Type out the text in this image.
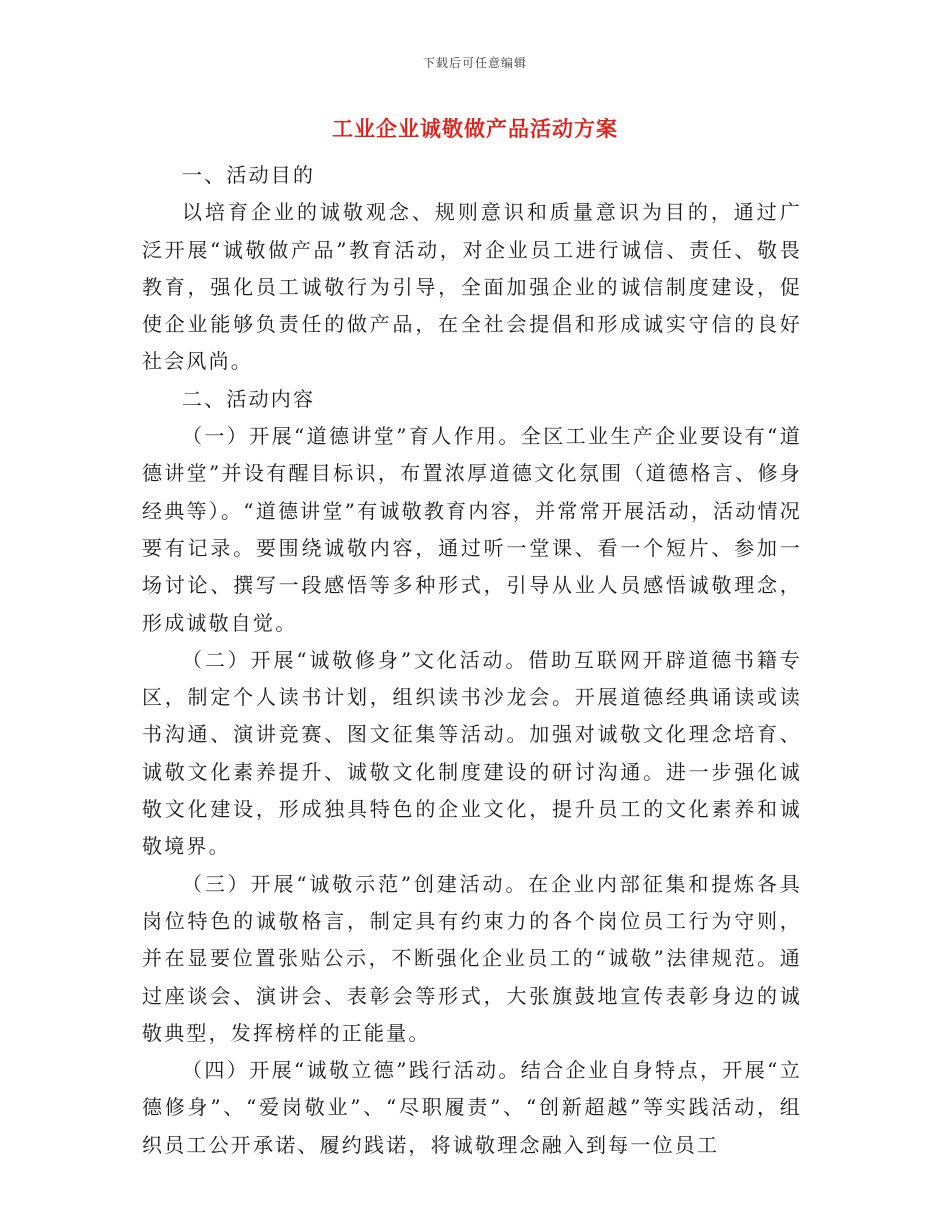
下载后可任意编辑
工业企业诚敬做产品活动方案

一、活动目的

以培育企业的诚敬观念、规则意识和质量意识为目的，通过广泛开展“诚敬做产品”教育活动，对企业员工进行诚信、责任、敬畏教育，强化员工诚敬行为引导，全面加强企业的诚信制度建设，促使企业能够负责任的做产品，在全社会提倡和形成诚实守信的良好社会风尚。

二、活动内容

（一）开展“道德讲堂”育人作用。全区工业生产企业要设有“道德讲堂”并设有醒目标识，布置浓厚道德文化氛围（道德格言、修身经典等）。“道德讲堂”有诚敬教育内容，并常常开展活动，活动情况要有记录。要围绕诚敬内容，通过听一堂课、看一个短片、参加一场讨论、撰写一段感悟等多种形式，引导从业人员感悟诚敬理念，形成诚敬自觉。

（二）开展“诚敬修身”文化活动。借助互联网开辟道德书籍专区，制定个人读书计划，组织读书沙龙会。开展道德经典诵读或读书沟通、演讲竞赛、图文征集等活动。加强对诚敬文化理念培育、诚敬文化素养提升、诚敬文化制度建设的研讨沟通。进一步强化诚敬文化建设，形成独具特色的企业文化，提升员工的文化素养和诚敬境界。

（三）开展“诚敬示范”创建活动。在企业内部征集和提炼各具岗位特色的诚敬格言，制定具有约束力的各个岗位员工行为守则，并在显要位置张贴公示，不断强化企业员工的“诚敬”法律规范。通过座谈会、演讲会、表彰会等形式，大张旗鼓地宣传表彰身边的诚敬典型，发挥榜样的正能量。

（四）开展“诚敬立德”践行活动。结合企业自身特点，开展“立德修身”、“爱岗敬业”、“尽职履责”、“创新超越”等实践活动，组织员工公开承诺、履约践诺，将诚敬理念融入到每一位员工
